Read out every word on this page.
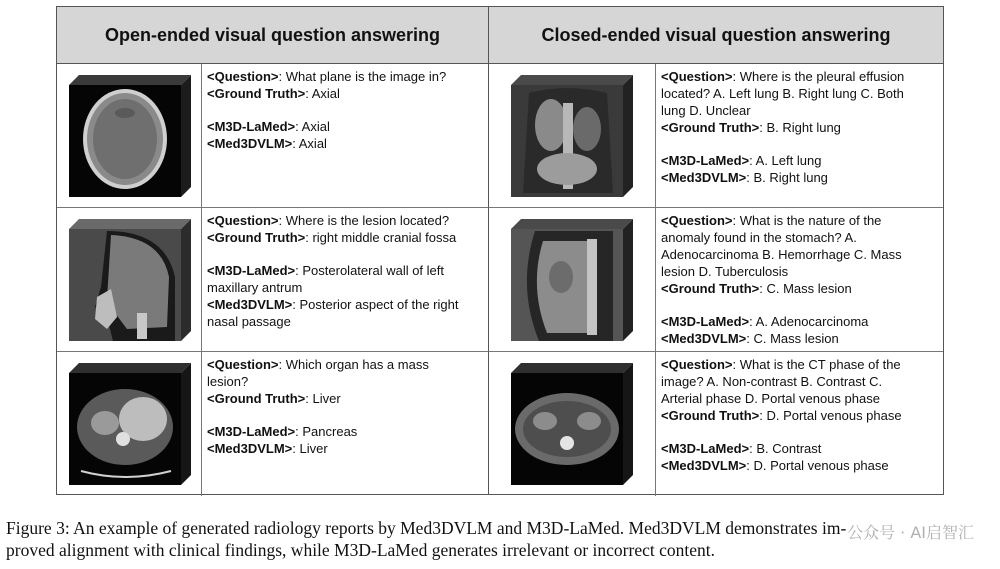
Open-ended visual question answering	Closed-ended visual question answering
<Question>: What plane is the image in?
<Ground Truth>: Axial
<M3D-LaMed>: Axial
<Med3DVLM>: Axial
<Question>: Where is the lesion located?
<Ground Truth>: right middle cranial fossa
<M3D-LaMed>: Posterolateral wall of left
maxillary antrum
<Med3DVLM>: Posterior aspect of the right
nasal passage
<Question>: Which organ has a mass
lesion?
<Ground Truth>: Liver
<M3D-LaMed>: Pancreas
<Med3DVLM>: Liver
<Question>: Where is the pleural effusion
located? A. Left lung B. Right lung C. Both
lung D. Unclear
<Ground Truth>: B. Right lung
<M3D-LaMed>: A. Left lung
<Med3DVLM>: B. Right lung
<Question>: What is the nature of the
anomaly found in the stomach? A.
Adenocarcinoma B. Hemorrhage C. Mass
lesion D. Tuberculosis
<Ground Truth>: C. Mass lesion
<M3D-LaMed>: A. Adenocarcinoma
<Med3DVLM>: C. Mass lesion
<Question>: What is the CT phase of the
image? A. Non-contrast B. Contrast C.
Arterial phase D. Portal venous phase
<Ground Truth>: D. Portal venous phase
<M3D-LaMed>: B. Contrast
<Med3DVLM>: D. Portal venous phase
Figure 3: An example of generated radiology reports by Med3DVLM and M3D-LaMed. Med3DVLM demonstrates im-
proved alignment with clinical findings, while M3D-LaMed generates irrelevant or incorrect content.
公众号 · AI启智汇
